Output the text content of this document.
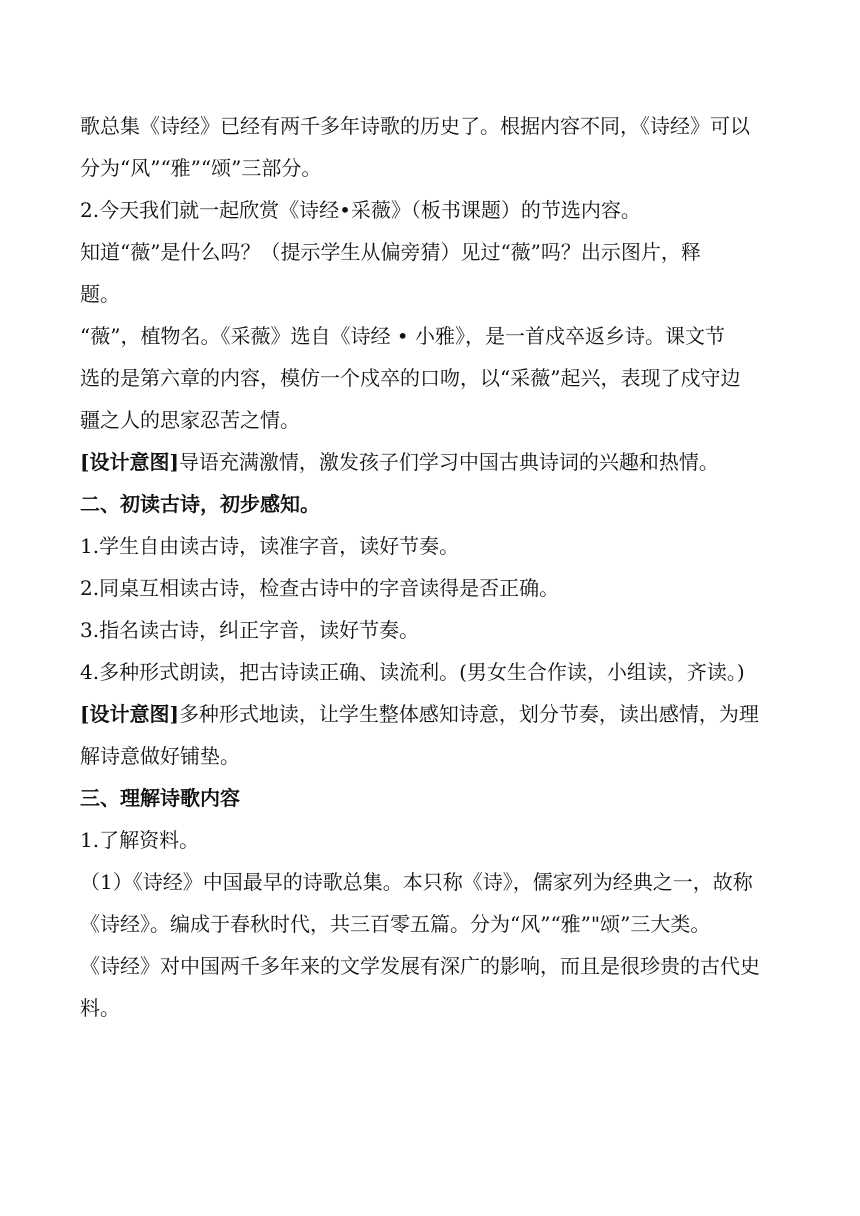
歌总集《诗经》已经有两千多年诗歌的历史了。根据内容不同，《诗经》可以
分为“风”“雅”“颂”三部分。
2.今天我们就一起欣赏《诗经•采薇》（板书课题）的节选内容。
知道“薇”是什么吗？（提示学生从偏旁猜）见过“薇”吗？出示图片，释
题。
“薇”，植物名。《采薇》选自《诗经 • 小雅》，是一首戍卒返乡诗。课文节
选的是第六章的内容，模仿一个戍卒的口吻，以“采薇”起兴，表现了戍守边
疆之人的思家忍苦之情。
[设计意图]导语充满激情，激发孩子们学习中国古典诗词的兴趣和热情。
二、初读古诗，初步感知。
1.学生自由读古诗，读准字音，读好节奏。
2.同桌互相读古诗，检查古诗中的字音读得是否正确。
3.指名读古诗，纠正字音，读好节奏。
4.多种形式朗读，把古诗读正确、读流利。(男女生合作读，小组读，齐读。)
[设计意图]多种形式地读，让学生整体感知诗意，划分节奏，读出感情，为理
解诗意做好铺垫。
三、理解诗歌内容
1.了解资料。
（1）《诗经》中国最早的诗歌总集。本只称《诗》，儒家列为经典之一，故称
《诗经》。编成于春秋时代，共三百零五篇。分为“风”“雅”"颂”三大类。
《诗经》对中国两千多年来的文学发展有深广的影响，而且是很珍贵的古代史
料。
